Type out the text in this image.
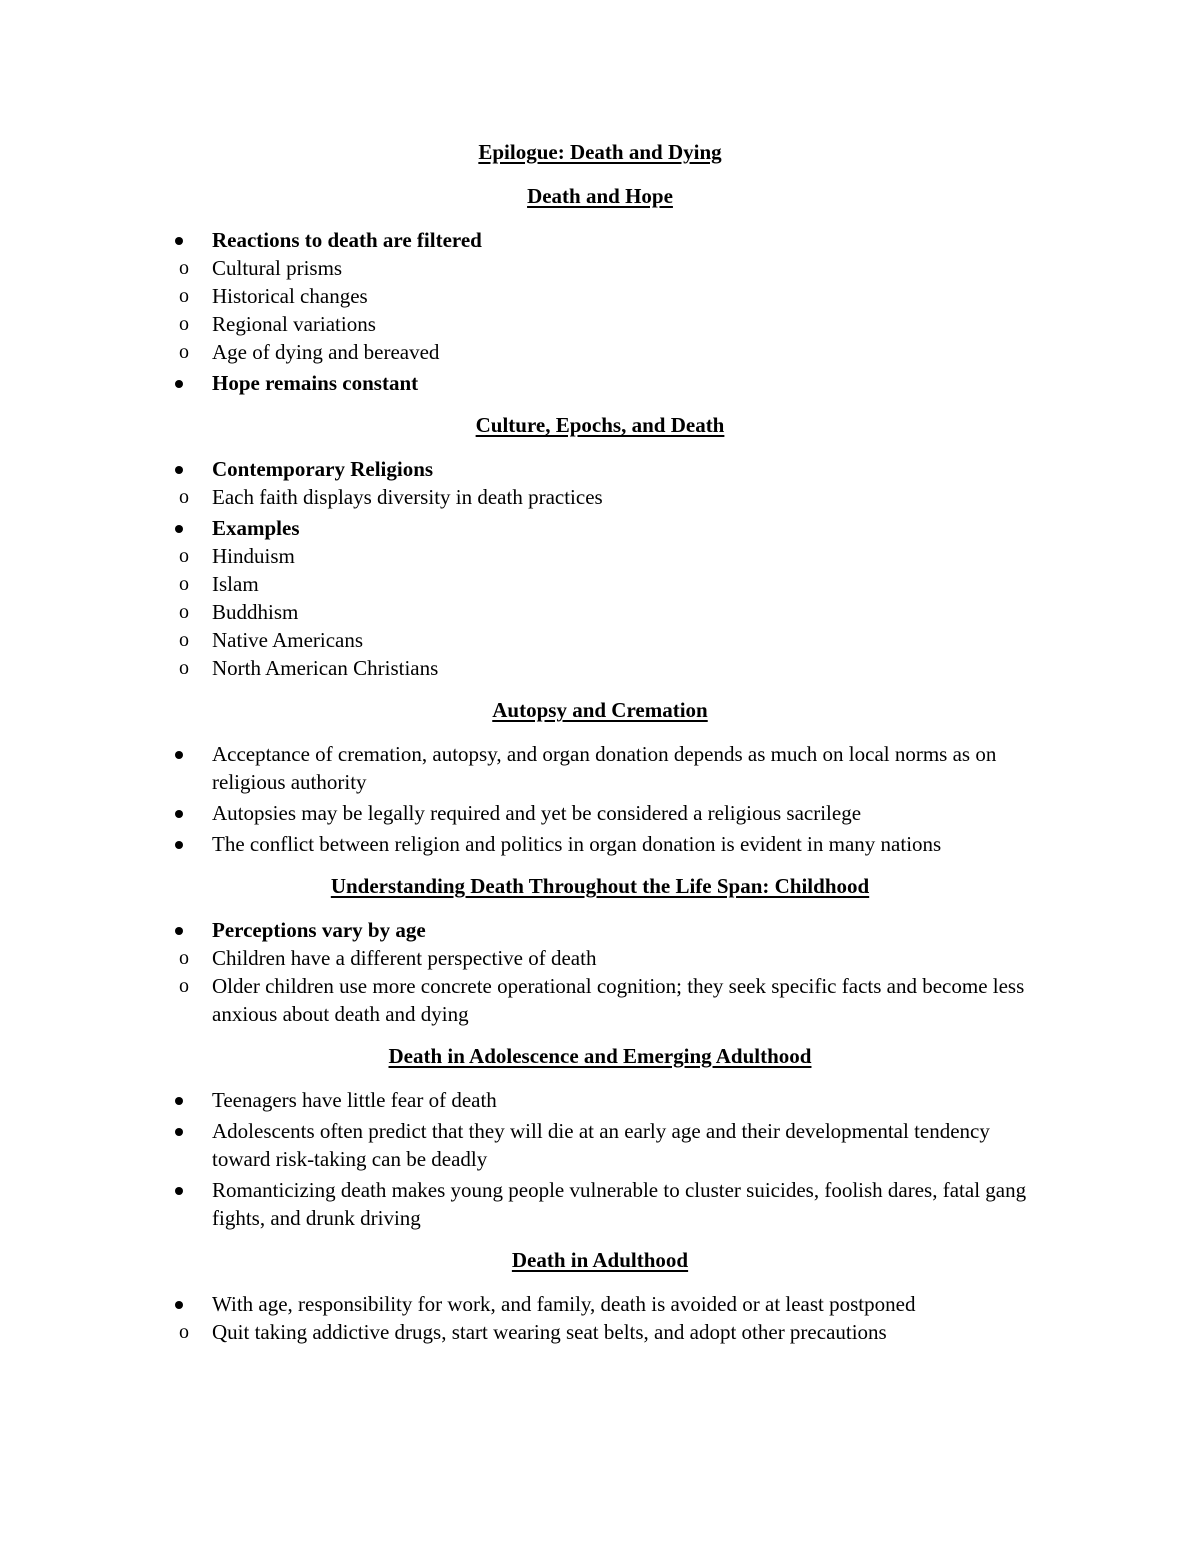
Epilogue: Death and Dying
Death and Hope
Reactions to death are filtered
o Cultural prisms
o Historical changes
o Regional variations
o Age of dying and bereaved
Hope remains constant
Culture, Epochs, and Death
Contemporary Religions
o Each faith displays diversity in death practices
Examples
o Hinduism
o Islam
o Buddhism
o Native Americans
o North American Christians
Autopsy and Cremation
Acceptance of cremation, autopsy, and organ donation depends as much on local norms as on religious authority
Autopsies may be legally required and yet be considered a religious sacrilege
The conflict between religion and politics in organ donation is evident in many nations
Understanding Death Throughout the Life Span: Childhood
Perceptions vary by age
o Children have a different perspective of death
o Older children use more concrete operational cognition; they seek specific facts and become less anxious about death and dying
Death in Adolescence and Emerging Adulthood
Teenagers have little fear of death
Adolescents often predict that they will die at an early age and their developmental tendency toward risk-taking can be deadly
Romanticizing death makes young people vulnerable to cluster suicides, foolish dares, fatal gang fights, and drunk driving
Death in Adulthood
With age, responsibility for work, and family, death is avoided or at least postponed
o Quit taking addictive drugs, start wearing seat belts, and adopt other precautions
